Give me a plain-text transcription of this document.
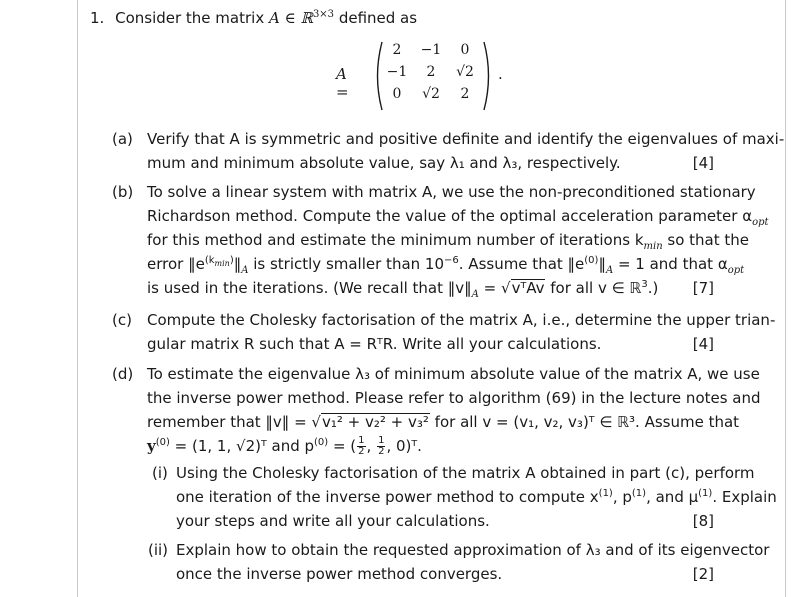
1. Consider the matrix A ∈ ℝ$^{3\times 3}$ defined as
A =
2	−1	0
−1	2	√2
0	√2	2
.
(a) Verify that A is symmetric and positive definite and identify the eigenvalues of maxi-
mum and minimum absolute value, say λ₁ and λ₃, respectively.	[4]
(b) To solve a linear system with matrix A, we use the non-preconditioned stationary
Richardson method. Compute the value of the optimal acceleration parameter $\alpha_{opt}$
for this method and estimate the minimum number of iterations $k_{min}$ so that the
error $‖e^{(k_{min})}‖_A$ is strictly smaller than $10^{-6}$. Assume that $‖e^{(0)}‖_A = 1$ and that $\alpha_{opt}$
is used in the iterations. (We recall that $‖v‖_A$ = √vᵀAv for all v ∈ ℝ$^3$.) [7]
(c) Compute the Cholesky factorisation of the matrix A, i.e., determine the upper trian-
gular matrix R such that A = RᵀR. Write all your calculations.	[4]
(d) To estimate the eigenvalue λ₃ of minimum absolute value of the matrix A, we use
the inverse power method. Please refer to algorithm (69) in the lecture notes and
remember that ‖v‖ = √v₁² + v₂² + v₃² for all v = (v₁, v₂, v₃)ᵀ ∈ ℝ³. Assume that
$y^{(0)} = (1$, 1, √2)ᵀ and $p^{(0)}$ = ( $\frac{1}{2}$ , $\frac{1}{2}$ , 0)ᵀ.
(i) Using the Cholesky factorisation of the matrix A obtained in part (c), perform
one iteration of the inverse power method to compute $x^{(1)}$, $p^{(1)}$, and $\mu^{(1)}$. Explain
your steps and write all your calculations.	[8]
(ii) Explain how to obtain the requested approximation of λ₃ and of its eigenvector
once the inverse power method converges.	[2]
